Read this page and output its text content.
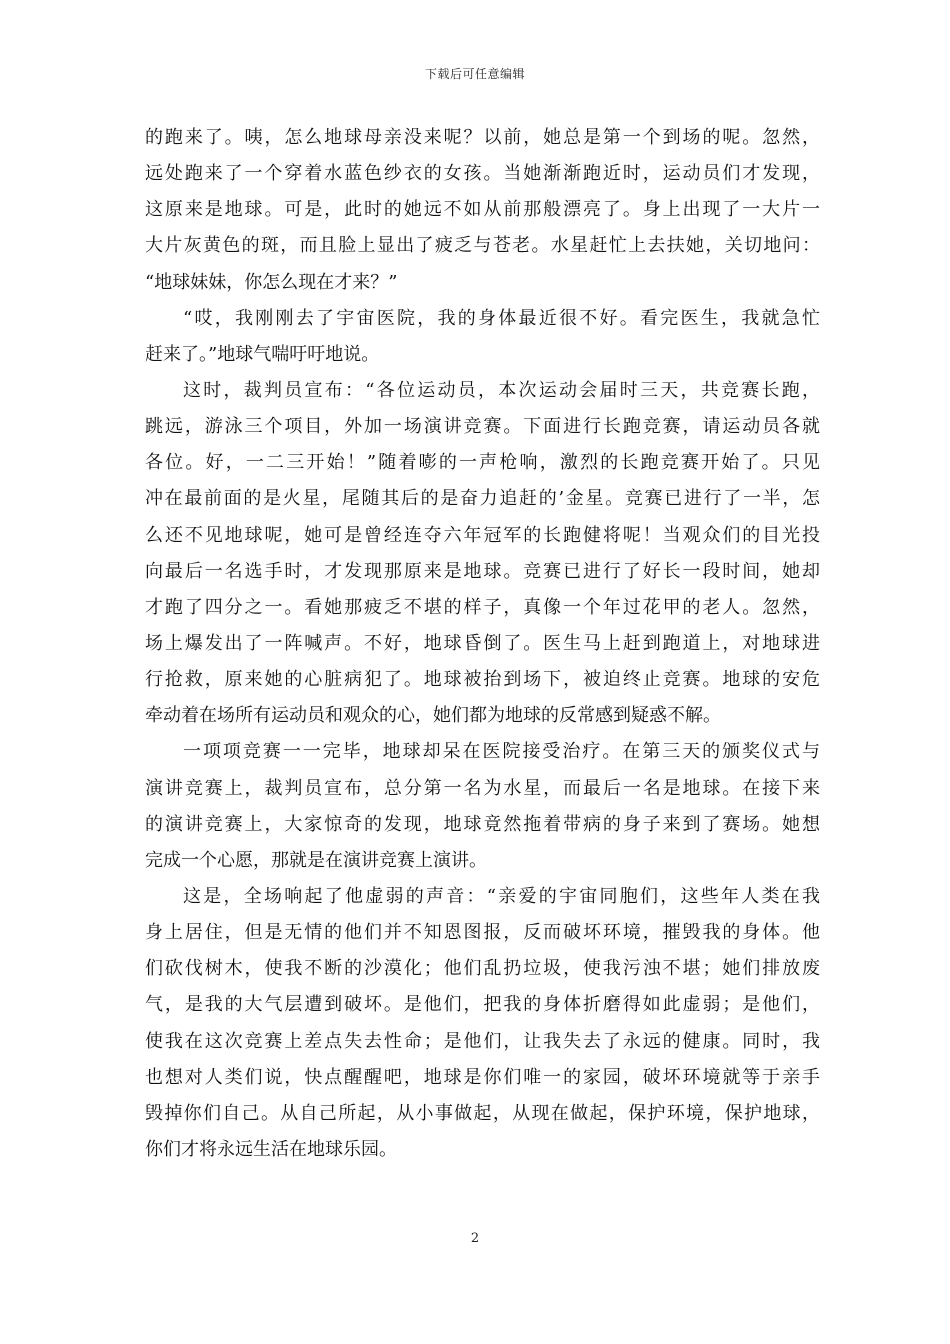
下载后可任意编辑
的跑来了。咦，怎么地球母亲没来呢？以前，她总是第一个到场的呢。忽然，
远处跑来了一个穿着水蓝色纱衣的女孩。当她渐渐跑近时，运动员们才发现，
这原来是地球。可是，此时的她远不如从前那般漂亮了。身上出现了一大片一
大片灰黄色的斑，而且脸上显出了疲乏与苍老。水星赶忙上去扶她，关切地问：
“地球妹妹，你怎么现在才来？”
“哎，我刚刚去了宇宙医院，我的身体最近很不好。看完医生，我就急忙
赶来了。”地球气喘吁吁地说。
这时，裁判员宣布：“各位运动员，本次运动会届时三天，共竞赛长跑，
跳远，游泳三个项目，外加一场演讲竞赛。下面进行长跑竞赛，请运动员各就
各位。好，一二三开始！”随着嘭的一声枪响，激烈的长跑竞赛开始了。只见
冲在最前面的是火星，尾随其后的是奋力追赶的’金星。竞赛已进行了一半，怎
么还不见地球呢，她可是曾经连夺六年冠军的长跑健将呢！当观众们的目光投
向最后一名选手时，才发现那原来是地球。竞赛已进行了好长一段时间，她却
才跑了四分之一。看她那疲乏不堪的样子，真像一个年过花甲的老人。忽然，
场上爆发出了一阵喊声。不好，地球昏倒了。医生马上赶到跑道上，对地球进
行抢救，原来她的心脏病犯了。地球被抬到场下，被迫终止竞赛。地球的安危
牵动着在场所有运动员和观众的心，她们都为地球的反常感到疑惑不解。
一项项竞赛一一完毕，地球却呆在医院接受治疗。在第三天的颁奖仪式与
演讲竞赛上，裁判员宣布，总分第一名为水星，而最后一名是地球。在接下来
的演讲竞赛上，大家惊奇的发现，地球竟然拖着带病的身子来到了赛场。她想
完成一个心愿，那就是在演讲竞赛上演讲。
这是，全场响起了他虚弱的声音：“亲爱的宇宙同胞们，这些年人类在我
身上居住，但是无情的他们并不知恩图报，反而破坏环境，摧毁我的身体。他
们砍伐树木，使我不断的沙漠化；他们乱扔垃圾，使我污浊不堪；她们排放废
气，是我的大气层遭到破坏。是他们，把我的身体折磨得如此虚弱；是他们，
使我在这次竞赛上差点失去性命；是他们，让我失去了永远的健康。同时，我
也想对人类们说，快点醒醒吧，地球是你们唯一的家园，破坏环境就等于亲手
毁掉你们自己。从自己所起，从小事做起，从现在做起，保护环境，保护地球，
你们才将永远生活在地球乐园。
2
